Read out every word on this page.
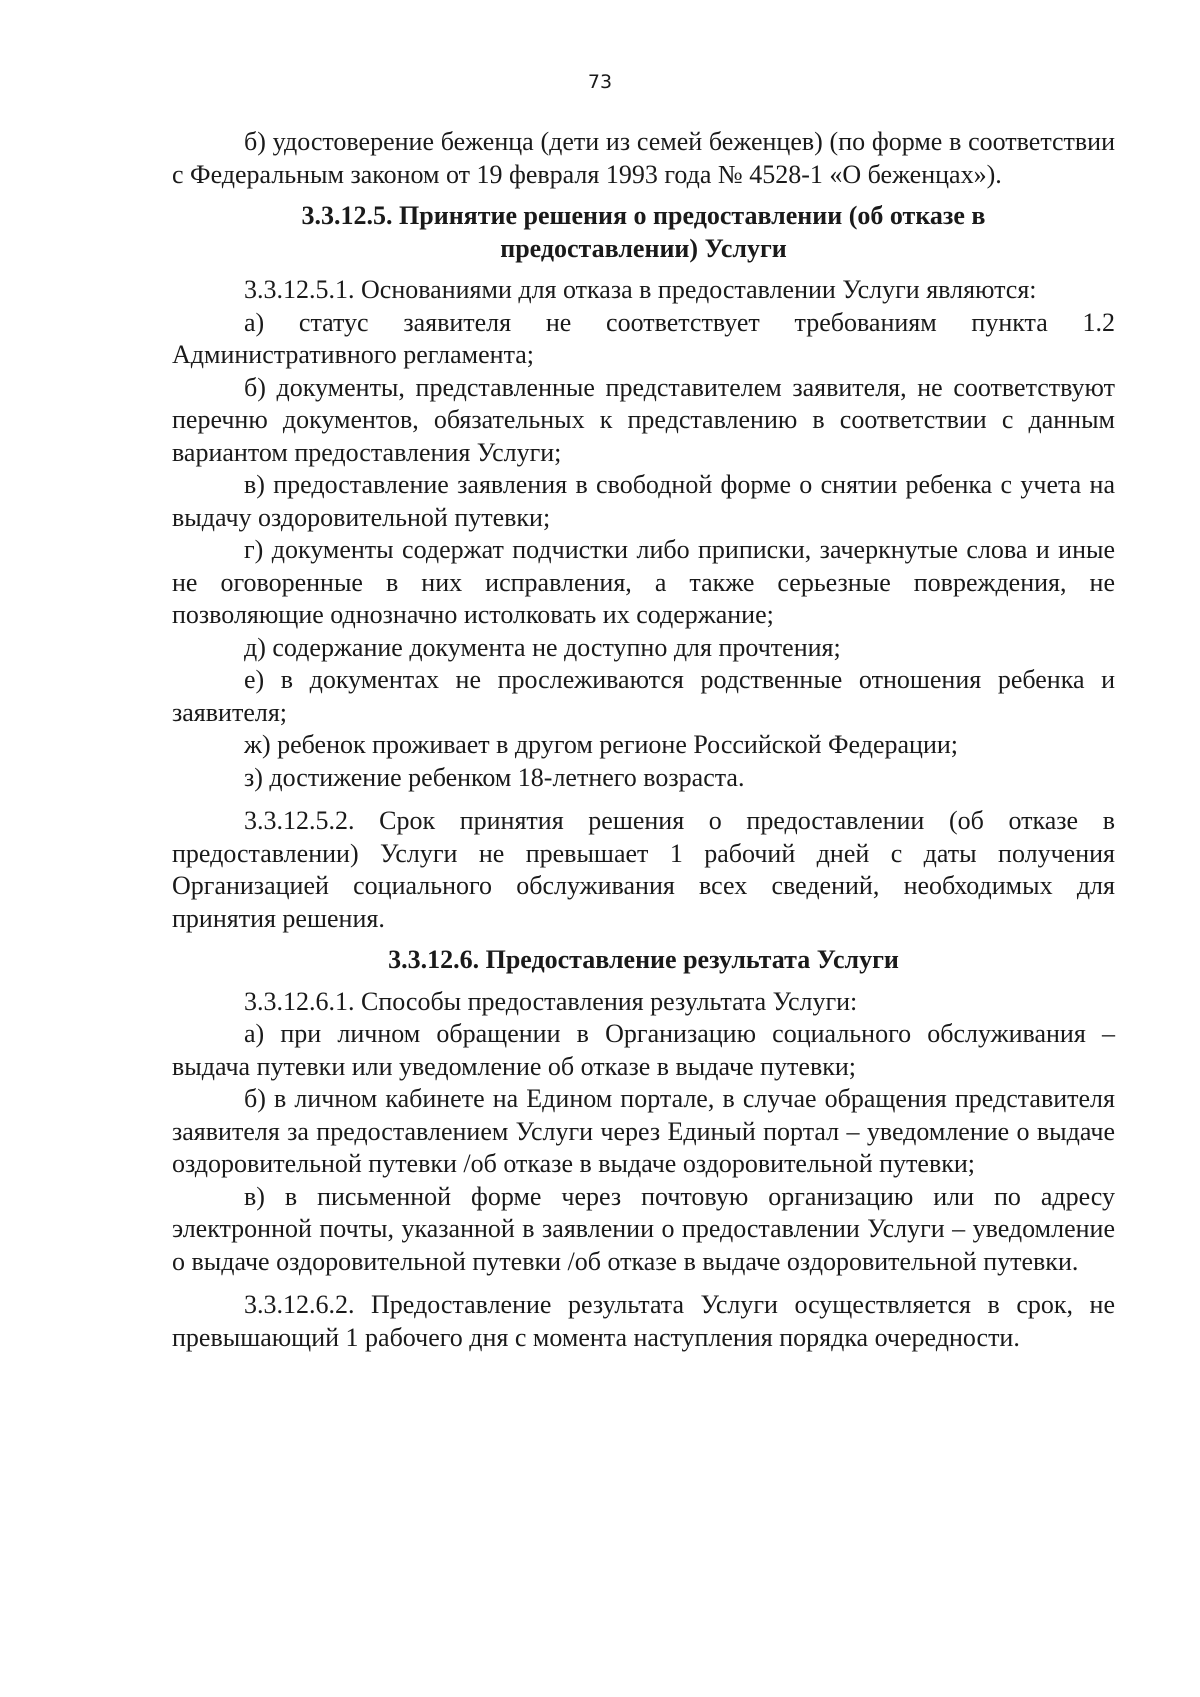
73

б) удостоверение беженца (дети из семей беженцев) (по форме в соответствии с Федеральным законом от 19 февраля 1993 года № 4528-1 «О беженцах»).

3.3.12.5. Принятие решения о предоставлении (об отказе в предоставлении) Услуги

3.3.12.5.1. Основаниями для отказа в предоставлении Услуги являются:

а) статус заявителя не соответствует требованиям пункта 1.2 Административного регламента;

б) документы, представленные представителем заявителя, не соответствуют перечню документов, обязательных к представлению в соответствии с данным вариантом предоставления Услуги;

в) предоставление заявления в свободной форме о снятии ребенка с учета на выдачу оздоровительной путевки;

г) документы содержат подчистки либо приписки, зачеркнутые слова и иные не оговоренные в них исправления, а также серьезные повреждения, не позволяющие однозначно истолковать их содержание;

д) содержание документа не доступно для прочтения;

е) в документах не прослеживаются родственные отношения ребенка и заявителя;

ж) ребенок проживает в другом регионе Российской Федерации;

з) достижение ребенком 18-летнего возраста.

3.3.12.5.2. Срок принятия решения о предоставлении (об отказе в предоставлении) Услуги не превышает 1 рабочий дней с даты получения Организацией социального обслуживания всех сведений, необходимых для принятия решения.

3.3.12.6. Предоставление результата Услуги

3.3.12.6.1. Способы предоставления результата Услуги:

а) при личном обращении в Организацию социального обслуживания – выдача путевки или уведомление об отказе в выдаче путевки;

б) в личном кабинете на Едином портале, в случае обращения представителя заявителя за предоставлением Услуги через Единый портал – уведомление о выдаче оздоровительной путевки /об отказе в выдаче оздоровительной путевки;

в) в письменной форме через почтовую организацию или по адресу электронной почты, указанной в заявлении о предоставлении Услуги – уведомление о выдаче оздоровительной путевки /об отказе в выдаче оздоровительной путевки.

3.3.12.6.2. Предоставление результата Услуги осуществляется в срок, не превышающий 1 рабочего дня с момента наступления порядка очередности.
